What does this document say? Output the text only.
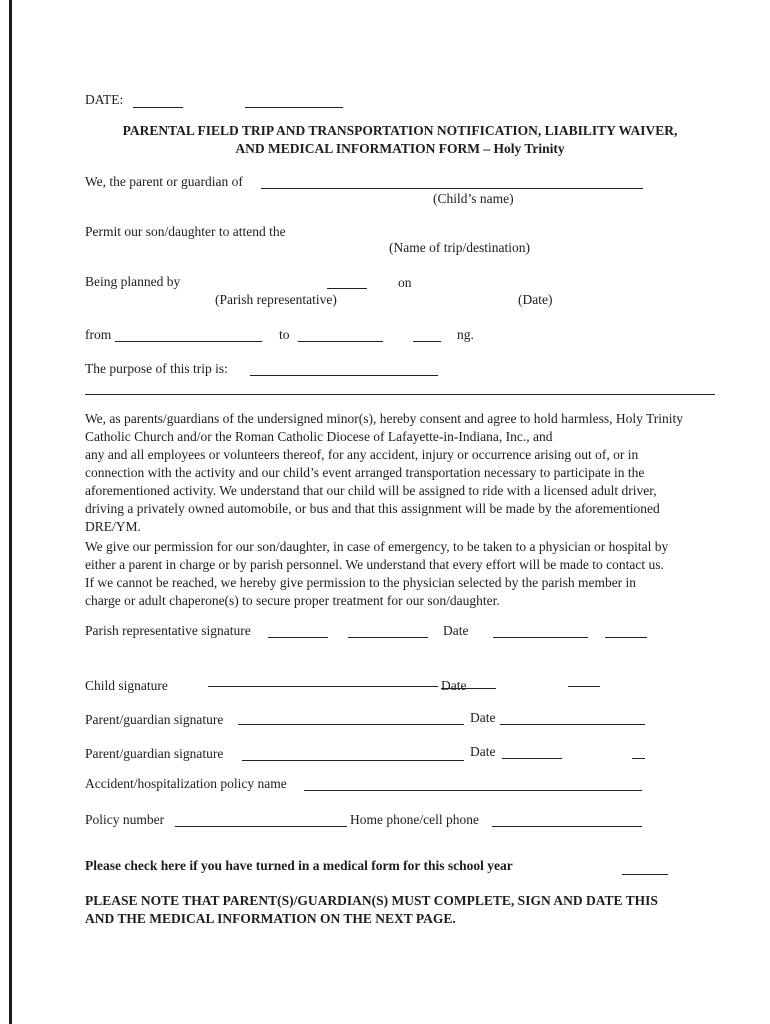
DATE:
PARENTAL FIELD TRIP AND TRANSPORTATION NOTIFICATION, LIABILITY WAIVER,
AND MEDICAL INFORMATION FORM – Holy Trinity
We, the parent or guardian of
(Child’s name)
Permit our son/daughter to attend the
(Name of trip/destination)
Being planned by	on
(Parish representative)	(Date)
from	to	ng.
The purpose of this trip is:
We, as parents/guardians of the undersigned minor(s), hereby consent and agree to hold harmless, Holy Trinity
Catholic Church and/or the Roman Catholic Diocese of Lafayette-in-Indiana, Inc., and
any and all employees or volunteers thereof, for any accident, injury or occurrence arising out of, or in
connection with the activity and our child’s event arranged transportation necessary to participate in the
aforementioned activity. We understand that our child will be assigned to ride with a licensed adult driver,
driving a privately owned automobile, or bus and that this assignment will be made by the aforementioned
DRE/YM.
We give our permission for our son/daughter, in case of emergency, to be taken to a physician or hospital by
either a parent in charge or by parish personnel. We understand that every effort will be made to contact us.
If we cannot be reached, we hereby give permission to the physician selected by the parish member in
charge or adult chaperone(s) to secure proper treatment for our son/daughter.
Parish representative signature	Date
Child signature	Date
Parent/guardian signature	Date
Parent/guardian signature	Date
Accident/hospitalization policy name
Policy number	Home phone/cell phone
Please check here if you have turned in a medical form for this school year
PLEASE NOTE THAT PARENT(S)/GUARDIAN(S) MUST COMPLETE, SIGN AND DATE THIS
AND THE MEDICAL INFORMATION ON THE NEXT PAGE.
